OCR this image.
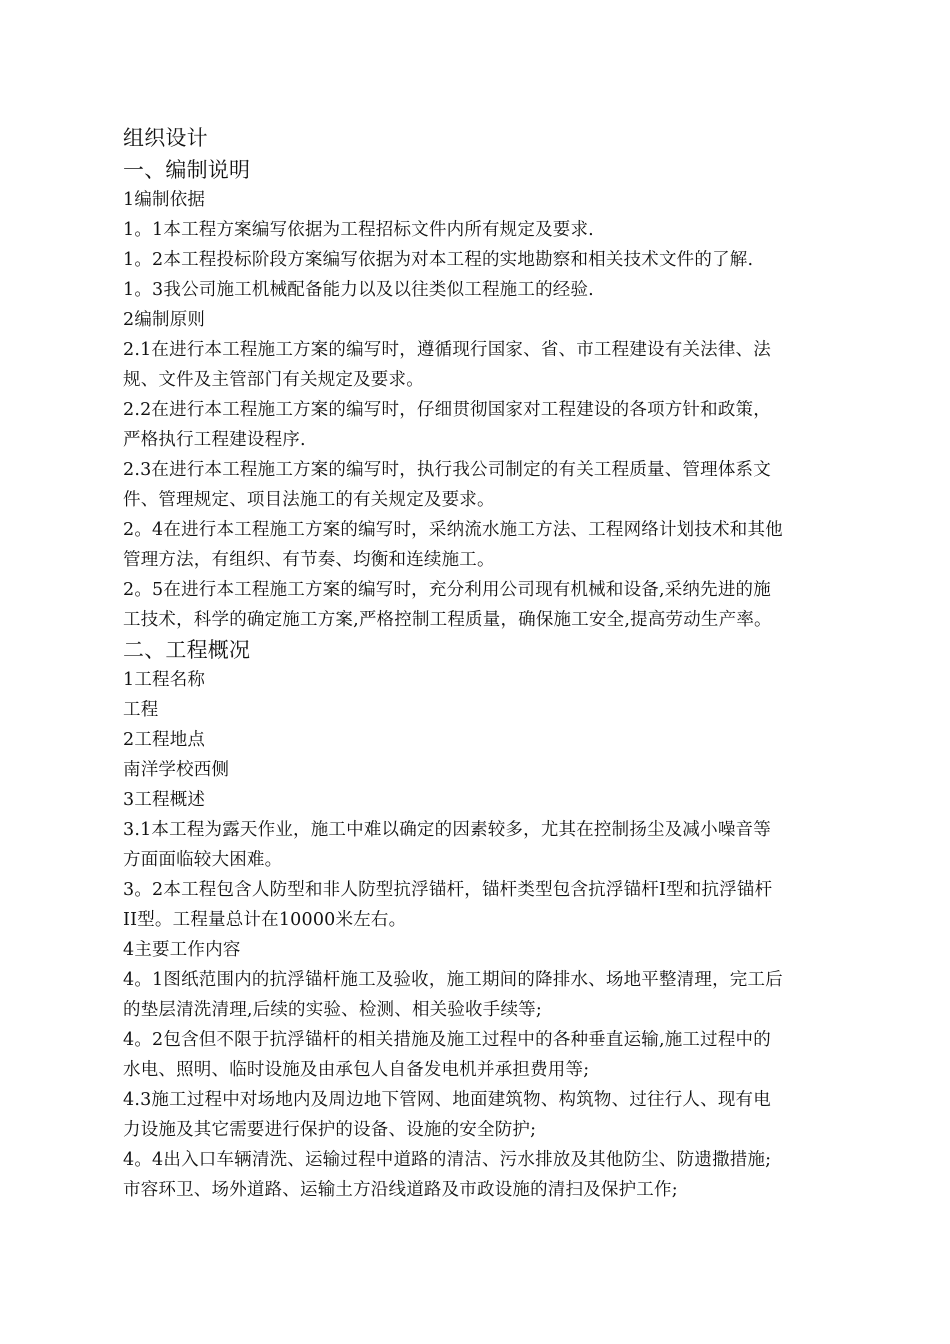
组织设计
一、编制说明
1编制依据
1。1本工程方案编写依据为工程招标文件内所有规定及要求.
1。2本工程投标阶段方案编写依据为对本工程的实地勘察和相关技术文件的了解.
1。3我公司施工机械配备能力以及以往类似工程施工的经验.
2编制原则
2.1在进行本工程施工方案的编写时，遵循现行国家、省、市工程建设有关法律、法
规、文件及主管部门有关规定及要求。
2.2在进行本工程施工方案的编写时，仔细贯彻国家对工程建设的各项方针和政策，
严格执行工程建设程序.
2.3在进行本工程施工方案的编写时，执行我公司制定的有关工程质量、管理体系文
件、管理规定、项目法施工的有关规定及要求。
2。4在进行本工程施工方案的编写时，采纳流水施工方法、工程网络计划技术和其他
管理方法，有组织、有节奏、均衡和连续施工。
2。5在进行本工程施工方案的编写时，充分利用公司现有机械和设备,采纳先进的施
工技术，科学的确定施工方案,严格控制工程质量，确保施工安全,提高劳动生产率。
二、工程概况
1工程名称
工程
2工程地点
南洋学校西侧
3工程概述
3.1本工程为露天作业，施工中难以确定的因素较多，尤其在控制扬尘及减小噪音等
方面面临较大困难。
3。2本工程包含人防型和非人防型抗浮锚杆，锚杆类型包含抗浮锚杆I型和抗浮锚杆
II型。工程量总计在10000米左右。
4主要工作内容
4。1图纸范围内的抗浮锚杆施工及验收，施工期间的降排水、场地平整清理，完工后
的垫层清洗清理,后续的实验、检测、相关验收手续等;
4。2包含但不限于抗浮锚杆的相关措施及施工过程中的各种垂直运输,施工过程中的
水电、照明、临时设施及由承包人自备发电机并承担费用等;
4.3施工过程中对场地内及周边地下管网、地面建筑物、构筑物、过往行人、现有电
力设施及其它需要进行保护的设备、设施的安全防护;
4。4出入口车辆清洗、运输过程中道路的清洁、污水排放及其他防尘、防遗撒措施;
市容环卫、场外道路、运输土方沿线道路及市政设施的清扫及保护工作;
